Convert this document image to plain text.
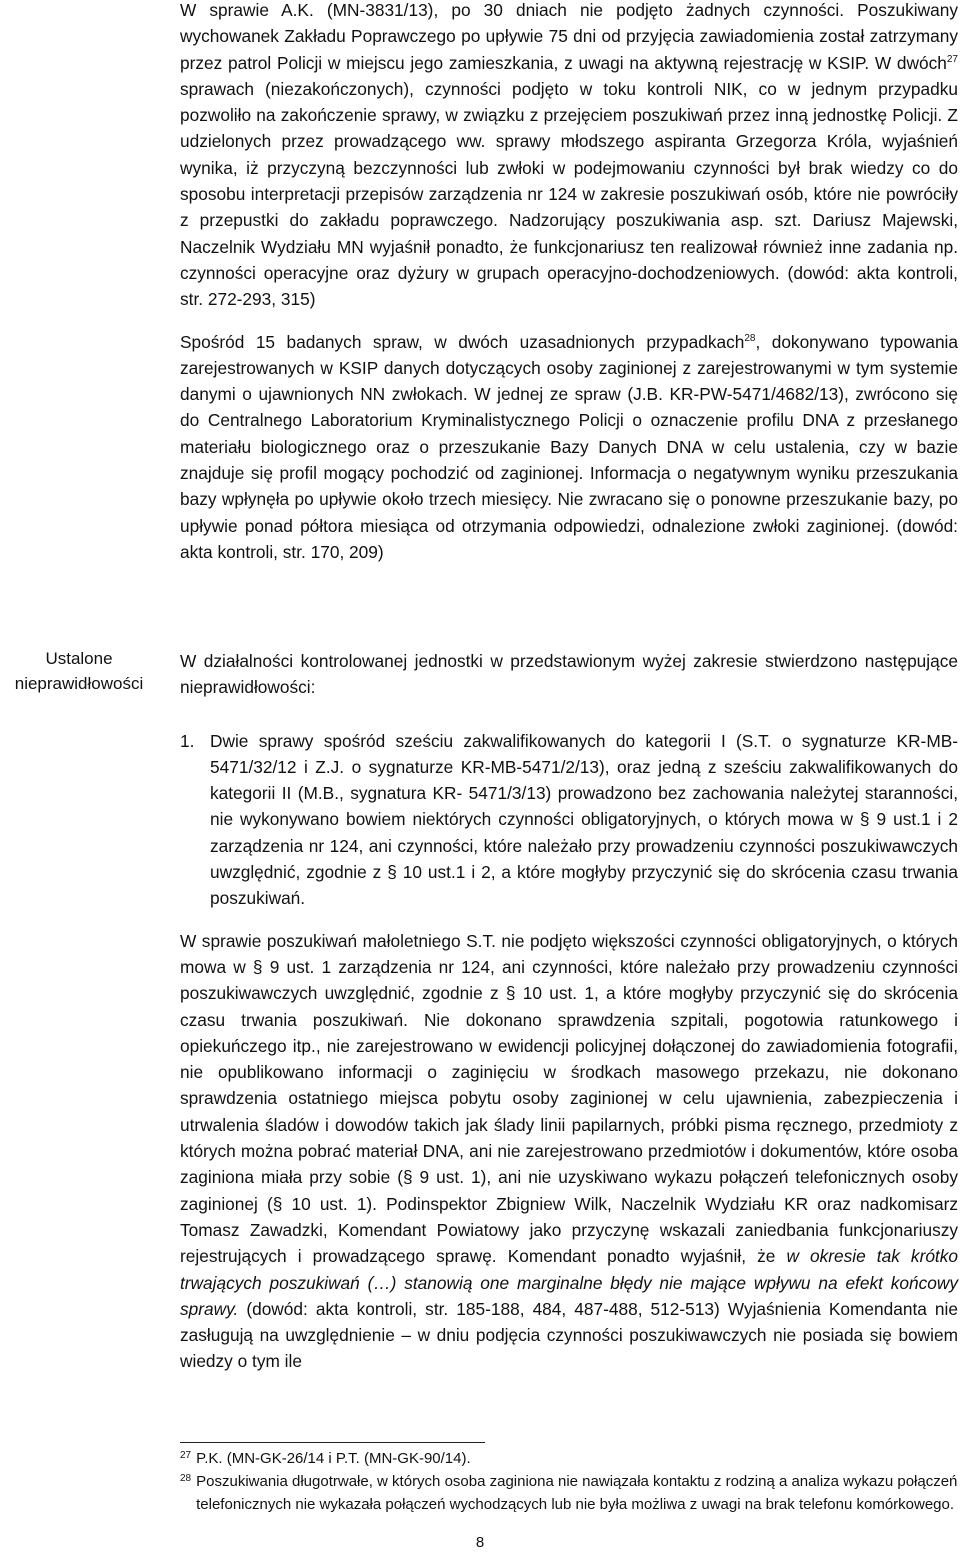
W sprawie A.K. (MN-3831/13), po 30 dniach nie podjęto żadnych czynności. Poszukiwany wychowanek Zakładu Poprawczego po upływie 75 dni od przyjęcia zawiadomienia został zatrzymany przez patrol Policji w miejscu jego zamieszkania, z uwagi na aktywną rejestrację w KSIP. W dwóch$^{27}$ sprawach (niezakończonych), czynności podjęto w toku kontroli NIK, co w jednym przypadku pozwoliło na zakończenie sprawy, w związku z przejęciem poszukiwań przez inną jednostkę Policji. Z udzielonych przez prowadzącego ww. sprawy młodszego aspiranta Grzegorza Króla, wyjaśnień wynika, iż przyczyną bezczynności lub zwłoki w podejmowaniu czynności był brak wiedzy co do sposobu interpretacji przepisów zarządzenia nr 124 w zakresie poszukiwań osób, które nie powróciły z przepustki do zakładu poprawczego. Nadzorujący poszukiwania asp. szt. Dariusz Majewski, Naczelnik Wydziału MN wyjaśnił ponadto, że funkcjonariusz ten realizował również inne zadania np. czynności operacyjne oraz dyżury w grupach operacyjno-dochodzeniowych. (dowód: akta kontroli, str. 272-293, 315)

Spośród 15 badanych spraw, w dwóch uzasadnionych przypadkach$^{28}$, dokonywano typowania zarejestrowanych w KSIP danych dotyczących osoby zaginionej z zarejestrowanymi w tym systemie danymi o ujawnionych NN zwłokach. W jednej ze spraw (J.B. KR-PW-5471/4682/13), zwrócono się do Centralnego Laboratorium Kryminalistycznego Policji o oznaczenie profilu DNA z przesłanego materiału biologicznego oraz o przeszukanie Bazy Danych DNA w celu ustalenia, czy w bazie znajduje się profil mogący pochodzić od zaginionej. Informacja o negatywnym wyniku przeszukania bazy wpłynęła po upływie około trzech miesięcy. Nie zwracano się o ponowne przeszukanie bazy, po upływie ponad półtora miesiąca od otrzymania odpowiedzi, odnalezione zwłoki zaginionej. (dowód: akta kontroli, str. 170, 209)

Ustalone
nieprawidłowości

W działalności kontrolowanej jednostki w przedstawionym wyżej zakresie stwierdzono następujące nieprawidłowości:

1. Dwie sprawy spośród sześciu zakwalifikowanych do kategorii I (S.T. o sygnaturze KR-MB-5471/32/12 i Z.J. o sygnaturze KR-MB-5471/2/13), oraz jedną z sześciu zakwalifikowanych do kategorii II (M.B., sygnatura KR- 5471/3/13) prowadzono bez zachowania należytej staranności, nie wykonywano bowiem niektórych czynności obligatoryjnych, o których mowa w § 9 ust.1 i 2 zarządzenia nr 124, ani czynności, które należało przy prowadzeniu czynności poszukiwawczych uwzględnić, zgodnie z § 10 ust.1 i 2, a które mogłyby przyczynić się do skrócenia czasu trwania poszukiwań.

W sprawie poszukiwań małoletniego S.T. nie podjęto większości czynności obligatoryjnych, o których mowa w § 9 ust. 1 zarządzenia nr 124, ani czynności, które należało przy prowadzeniu czynności poszukiwawczych uwzględnić, zgodnie z § 10 ust. 1, a które mogłyby przyczynić się do skrócenia czasu trwania poszukiwań. Nie dokonano sprawdzenia szpitali, pogotowia ratunkowego i opiekuńczego itp., nie zarejestrowano w ewidencji policyjnej dołączonej do zawiadomienia fotografii, nie opublikowano informacji o zaginięciu w środkach masowego przekazu, nie dokonano sprawdzenia ostatniego miejsca pobytu osoby zaginionej w celu ujawnienia, zabezpieczenia i utrwalenia śladów i dowodów takich jak ślady linii papilarnych, próbki pisma ręcznego, przedmioty z których można pobrać materiał DNA, ani nie zarejestrowano przedmiotów i dokumentów, które osoba zaginiona miała przy sobie (§ 9 ust. 1), ani nie uzyskiwano wykazu połączeń telefonicznych osoby zaginionej (§ 10 ust. 1). Podinspektor Zbigniew Wilk, Naczelnik Wydziału KR oraz nadkomisarz Tomasz Zawadzki, Komendant Powiatowy jako przyczynę wskazali zaniedbania funkcjonariuszy rejestrujących i prowadzącego sprawę. Komendant ponadto wyjaśnił, że w okresie tak krótko trwających poszukiwań (…) stanowią one marginalne błędy nie mające wpływu na efekt końcowy sprawy. (dowód: akta kontroli, str. 185-188, 484, 487-488, 512-513) Wyjaśnienia Komendanta nie zasługują na uwzględnienie – w dniu podjęcia czynności poszukiwawczych nie posiada się bowiem wiedzy o tym ile

27 P.K. (MN-GK-26/14 i P.T. (MN-GK-90/14).
28 Poszukiwania długotrwałe, w których osoba zaginiona nie nawiązała kontaktu z rodziną a analiza wykazu połączeń telefonicznych nie wykazała połączeń wychodzących lub nie była możliwa z uwagi na brak telefonu komórkowego.
8
